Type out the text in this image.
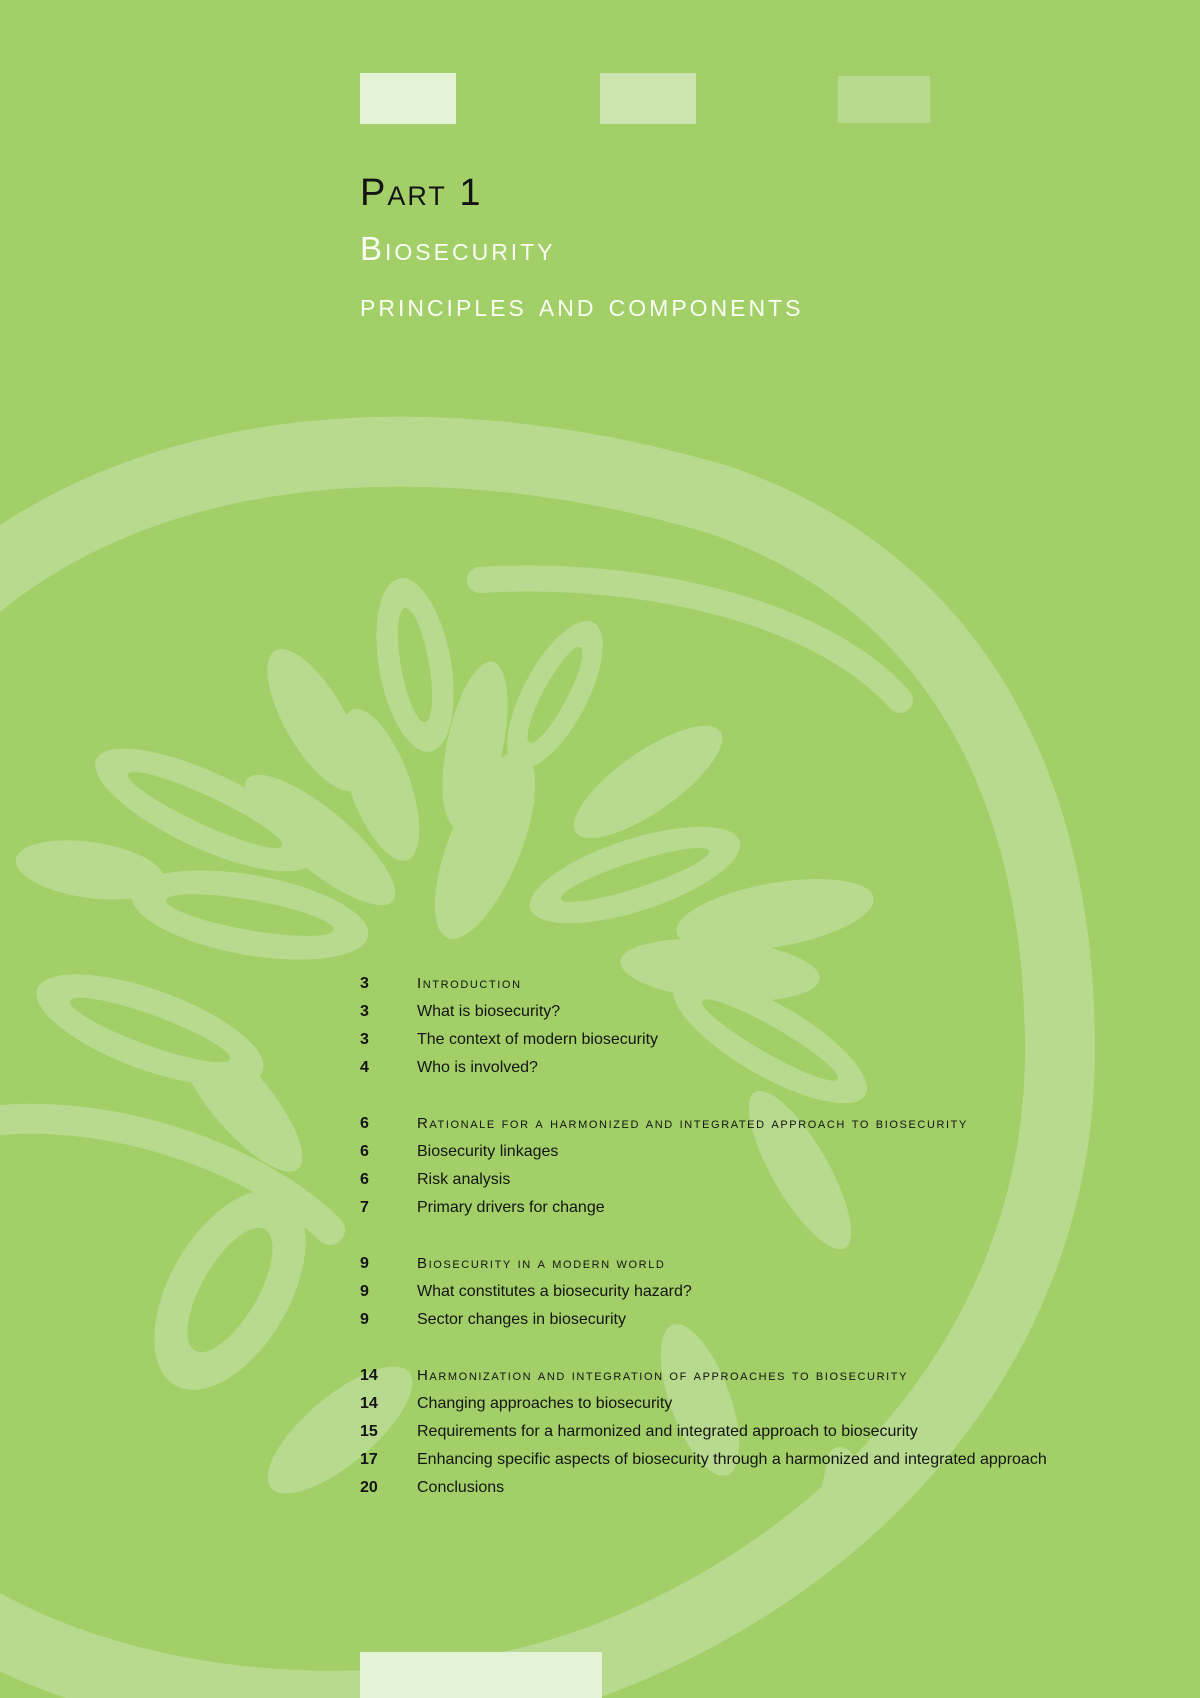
Part 1
Biosecurity
principles and components
3	Introduction
3	What is biosecurity?
3	The context of modern biosecurity
4	Who is involved?
6	Rationale for a harmonized and integrated approach to biosecurity
6	Biosecurity linkages
6	Risk analysis
7	Primary drivers for change
9	Biosecurity in a modern world
9	What constitutes a biosecurity hazard?
9	Sector changes in biosecurity
14	Harmonization and integration of approaches to biosecurity
14	Changing approaches to biosecurity
15	Requirements for a harmonized and integrated approach to biosecurity
17	Enhancing specific aspects of biosecurity through a harmonized and integrated approach
20	Conclusions
